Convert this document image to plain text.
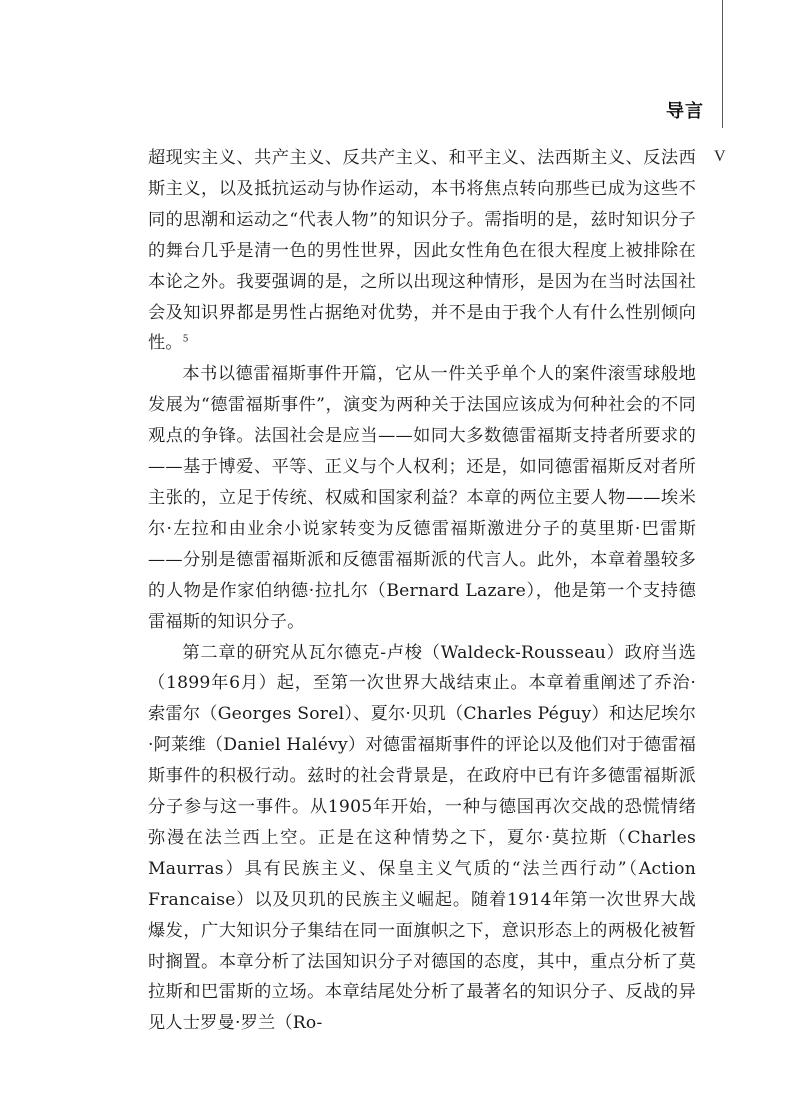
导言
V

超现实主义、共产主义、反共产主义、和平主义、法西斯主义、反法西斯主义，以及抵抗运动与协作运动，本书将焦点转向那些已成为这些不同的思潮和运动之“代表人物”的知识分子。需指明的是，兹时知识分子的舞台几乎是清一色的男性世界，因此女性角色在很大程度上被排除在本论之外。我要强调的是，之所以出现这种情形，是因为在当时法国社会及知识界都是男性占据绝对优势，并不是由于我个人有什么性别倾向性。$^5$

本书以德雷福斯事件开篇，它从一件关乎单个人的案件滚雪球般地发展为“德雷福斯事件”，演变为两种关于法国应该成为何种社会的不同观点的争锋。法国社会是应当——如同大多数德雷福斯支持者所要求的——基于博爱、平等、正义与个人权利；还是，如同德雷福斯反对者所主张的，立足于传统、权威和国家利益？本章的两位主要人物——埃米尔·左拉和由业余小说家转变为反德雷福斯激进分子的莫里斯·巴雷斯——分别是德雷福斯派和反德雷福斯派的代言人。此外，本章着墨较多的人物是作家伯纳德·拉扎尔（Bernard Lazare），他是第一个支持德雷福斯的知识分子。

第二章的研究从瓦尔德克-卢梭（Waldeck-Rousseau）政府当选（1899年6月）起，至第一次世界大战结束止。本章着重阐述了乔治·索雷尔（Georges Sorel）、夏尔·贝玑（Charles Péguy）和达尼埃尔·阿莱维（Daniel Halévy）对德雷福斯事件的评论以及他们对于德雷福斯事件的积极行动。兹时的社会背景是，在政府中已有许多德雷福斯派分子参与这一事件。从1905年开始，一种与德国再次交战的恐慌情绪弥漫在法兰西上空。正是在这种情势之下，夏尔·莫拉斯（Charles Maurras）具有民族主义、保皇主义气质的“法兰西行动”（Action Francaise）以及贝玑的民族主义崛起。随着1914年第一次世界大战爆发，广大知识分子集结在同一面旗帜之下，意识形态上的两极化被暂时搁置。本章分析了法国知识分子对德国的态度，其中，重点分析了莫拉斯和巴雷斯的立场。本章结尾处分析了最著名的知识分子、反战的异见人士罗曼·罗兰（Ro-
